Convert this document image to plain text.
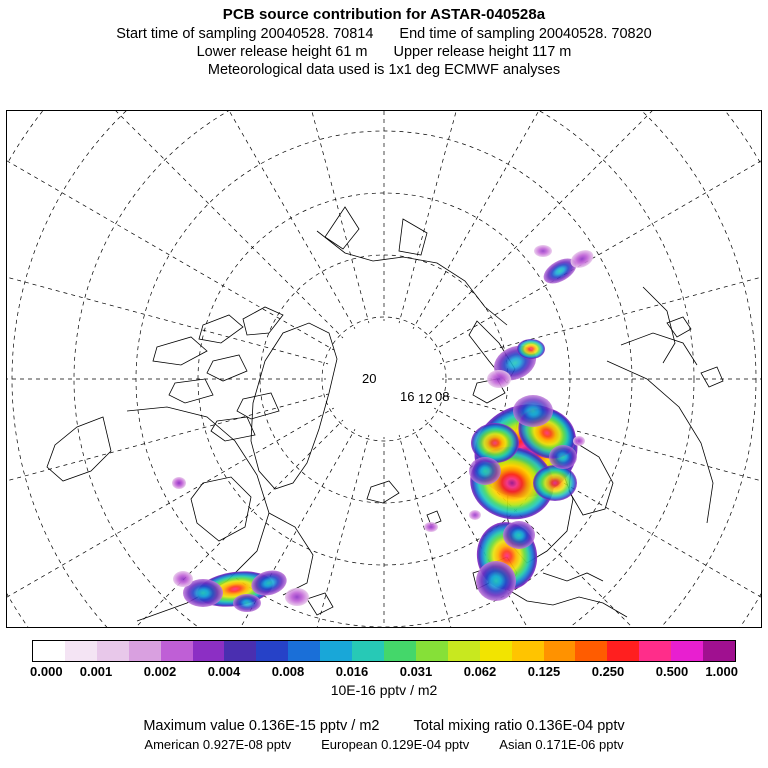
PCB source contribution for ASTAR-040528a
Start time of sampling 20040528. 70814 End time of sampling 20040528. 70820
Lower release height 61 m Upper release height 117 m
Meteorological data used is 1x1 deg ECMWF analyses
20
16 12 08
0.000 0.001 0.002 0.004 0.008 0.016 0.031 0.062 0.125 0.250 0.500 1.000
10E-16 pptv / m2
Maximum value 0.136E-15 pptv / m2 Total mixing ratio 0.136E-04 pptv
American 0.927E-08 pptv European 0.129E-04 pptv Asian 0.171E-06 pptv
